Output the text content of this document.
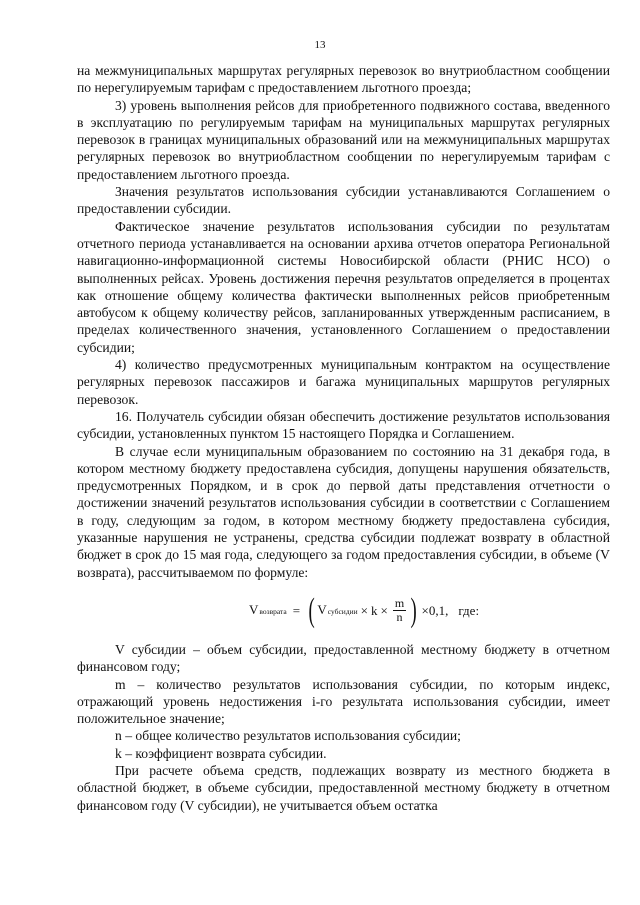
13

на межмуниципальных маршрутах регулярных перевозок во внутриобластном сообщении по нерегулируемым тарифам с предоставлением льготного проезда;

3) уровень выполнения рейсов для приобретенного подвижного состава, введенного в эксплуатацию по регулируемым тарифам на муниципальных маршрутах регулярных перевозок в границах муниципальных образований или на межмуниципальных маршрутах регулярных перевозок во внутриобластном сообщении по нерегулируемым тарифам с предоставлением льготного проезда.

Значения результатов использования субсидии устанавливаются Соглашением о предоставлении субсидии.

Фактическое значение результатов использования субсидии по результатам отчетного периода устанавливается на основании архива отчетов оператора Региональной навигационно-информационной системы Новосибирской области (РНИС НСО) о выполненных рейсах. Уровень достижения перечня результатов определяется в процентах как отношение общему количества фактически выполненных рейсов приобретенным автобусом к общему количеству рейсов, запланированных утвержденным расписанием, в пределах количественного значения, установленного Соглашением о предоставлении субсидии;

4) количество предусмотренных муниципальным контрактом на осуществление регулярных перевозок пассажиров и багажа муниципальных маршрутов регулярных перевозок.

16. Получатель субсидии обязан обеспечить достижение результатов использования субсидии, установленных пунктом 15 настоящего Порядка и Соглашением.

В случае если муниципальным образованием по состоянию на 31 декабря года, в котором местному бюджету предоставлена субсидия, допущены нарушения обязательств, предусмотренных Порядком, и в срок до первой даты представления отчетности о достижении значений результатов использования субсидии в соответствии с Соглашением в году, следующим за годом, в котором местному бюджету предоставлена субсидия, указанные нарушения не устранены, средства субсидии подлежат возврату в областной бюджет в срок до 15 мая года, следующего за годом предоставления субсидии, в объеме (V возврата), рассчитываемом по формуле:

V возврата = ( V субсидии × $k \times \frac{m}{n}$ ) ×0,1, где:

V субсидии – объем субсидии, предоставленной местному бюджету в отчетном финансовом году;

m – количество результатов использования субсидии, по которым индекс, отражающий уровень недостижения i-го результата использования субсидии, имеет положительное значение;

n – общее количество результатов использования субсидии;

k – коэффициент возврата субсидии.

При расчете объема средств, подлежащих возврату из местного бюджета в областной бюджет, в объеме субсидии, предоставленной местному бюджету в отчетном финансовом году (V субсидии), не учитывается объем остатка
